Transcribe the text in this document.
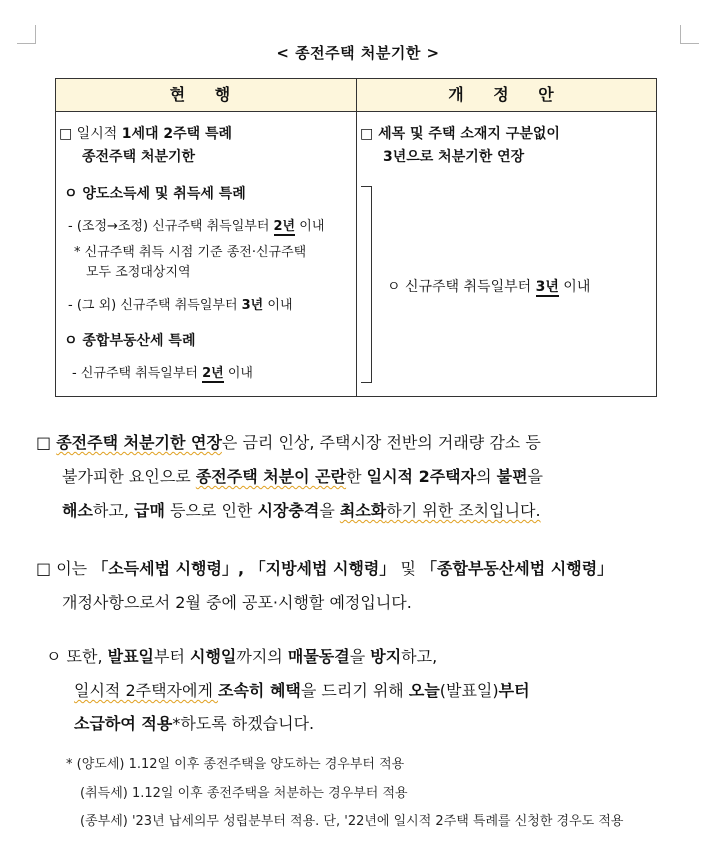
< 종전주택 처분기한 >
현 행	개 정 안
□ 일시적 1세대 2주택 특례
종전주택 처분기한
ㅇ 양도소득세 및 취득세 특례
- (조정→조정) 신규주택 취득일부터 2년 이내
* 신규주택 취득 시점 기준 종전·신규주택
모두 조정대상지역
- (그 외) 신규주택 취득일부터 3년 이내
ㅇ 종합부동산세 특례
- 신규주택 취득일부터 2년 이내
□ 세목 및 주택 소재지 구분없이
3년으로 처분기한 연장
ㅇ 신규주택 취득일부터 3년 이내
□ 종전주택 처분기한 연장은 금리 인상, 주택시장 전반의 거래량 감소 등
불가피한 요인으로 종전주택 처분이 곤란한 일시적 2주택자의 불편을
해소하고, 급매 등으로 인한 시장충격을 최소화하기 위한 조치입니다.
□ 이는 「소득세법 시행령」, 「지방세법 시행령」 및 「종합부동산세법 시행령」
개정사항으로서 2월 중에 공포·시행할 예정입니다.
ㅇ 또한, 발표일부터 시행일까지의 매물동결을 방지하고,
일시적 2주택자에게 조속히 혜택을 드리기 위해 오늘(발표일)부터
소급하여 적용*하도록 하겠습니다.
* (양도세) 1.12일 이후 종전주택을 양도하는 경우부터 적용
(취득세) 1.12일 이후 종전주택을 처분하는 경우부터 적용
(종부세) '23년 납세의무 성립분부터 적용. 단, '22년에 일시적 2주택 특례를 신청한 경우도 적용
